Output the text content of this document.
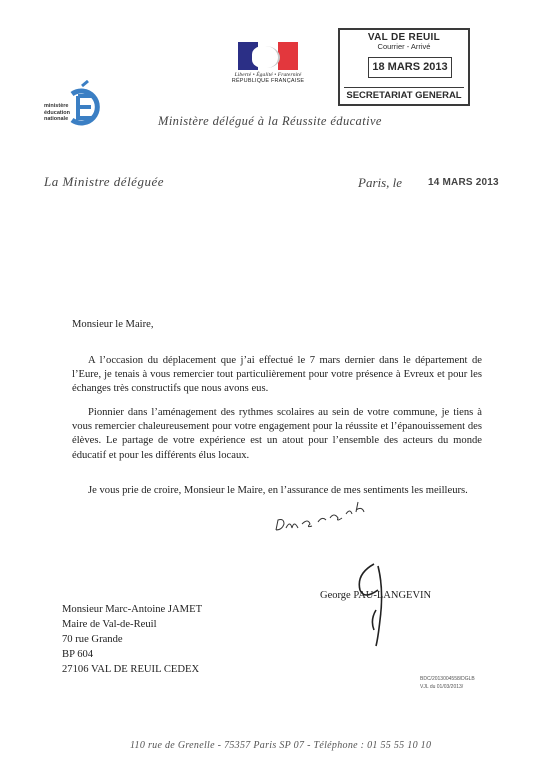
Liberté • Égalité • Fraternité
RÉPUBLIQUE FRANÇAISE
VAL DE REUIL
Courrier - Arrivé
18 MARS 2013
SECRETARIAT GENERAL
ministère
éducation
nationale	Ministère délégué à la Réussite éducative
La Ministre déléguée	Paris, le	14 MARS 2013
Monsieur le Maire,
A l’occasion du déplacement que j’ai effectué le 7 mars dernier dans le département de l’Eure, je tenais à vous remercier tout particulièrement pour votre présence à Evreux et pour les échanges très constructifs que nous avons eus.
Pionnier dans l’aménagement des rythmes scolaires au sein de votre commune, je tiens à vous remercier chaleureusement pour votre engagement pour la réussite et l’épanouissement des élèves. Le partage de votre expérience est un atout pour l’ensemble des acteurs du monde éducatif et pour les différents élus locaux.
Je vous prie de croire, Monsieur le Maire, en l’assurance de mes sentiments les meilleurs.
George PAU-LANGEVIN
Monsieur Marc-Antoine JAMET
Maire de Val-de-Reuil
70 rue Grande
BP 604
27106 VAL DE REUIL CEDEX
BDC/2013004558/DGLB
VJL du 01/03/2013/
110 rue de Grenelle - 75357 Paris SP 07 - Téléphone : 01 55 55 10 10
